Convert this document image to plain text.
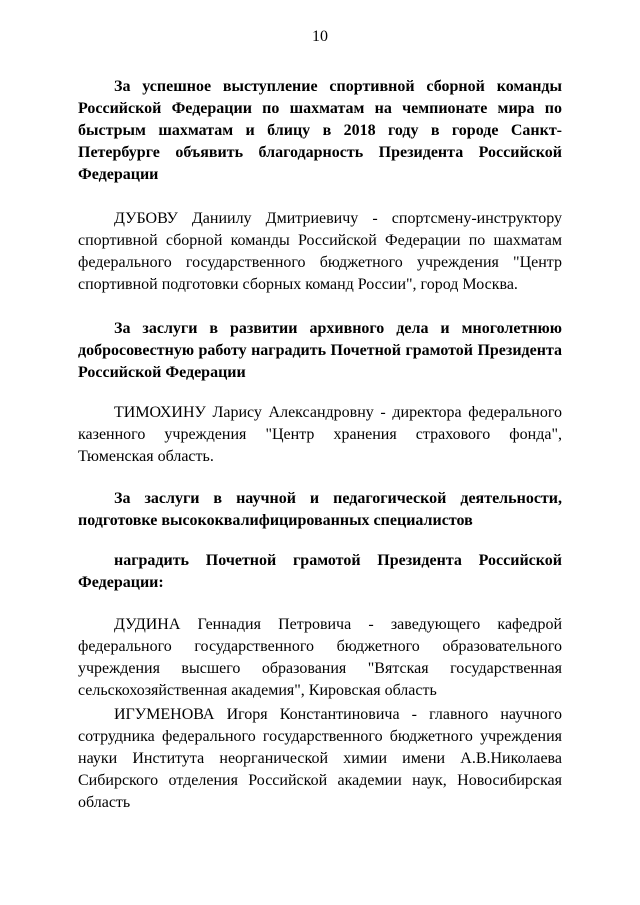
10

За успешное выступление спортивной сборной команды Российской Федерации по шахматам на чемпионате мира по быстрым шахматам и блицу в 2018 году в городе Санкт-Петербурге объявить благодарность Президента Российской Федерации

ДУБОВУ Даниилу Дмитриевичу - спортсмену-инструктору спортивной сборной команды Российской Федерации по шахматам федерального государственного бюджетного учреждения "Центр спортивной подготовки сборных команд России", город Москва.

За заслуги в развитии архивного дела и многолетнюю добросовестную работу наградить Почетной грамотой Президента Российской Федерации

ТИМОХИНУ Ларису Александровну - директора федерального казенного учреждения "Центр хранения страхового фонда", Тюменская область.

За заслуги в научной и педагогической деятельности, подготовке высококвалифицированных специалистов

наградить Почетной грамотой Президента Российской Федерации:

ДУДИНА Геннадия Петровича - заведующего кафедрой федерального государственного бюджетного образовательного учреждения высшего образования "Вятская государственная сельскохозяйственная академия", Кировская область

ИГУМЕНОВА Игоря Константиновича - главного научного сотрудника федерального государственного бюджетного учреждения науки Института неорганической химии имени А.В.Николаева Сибирского отделения Российской академии наук, Новосибирская область
